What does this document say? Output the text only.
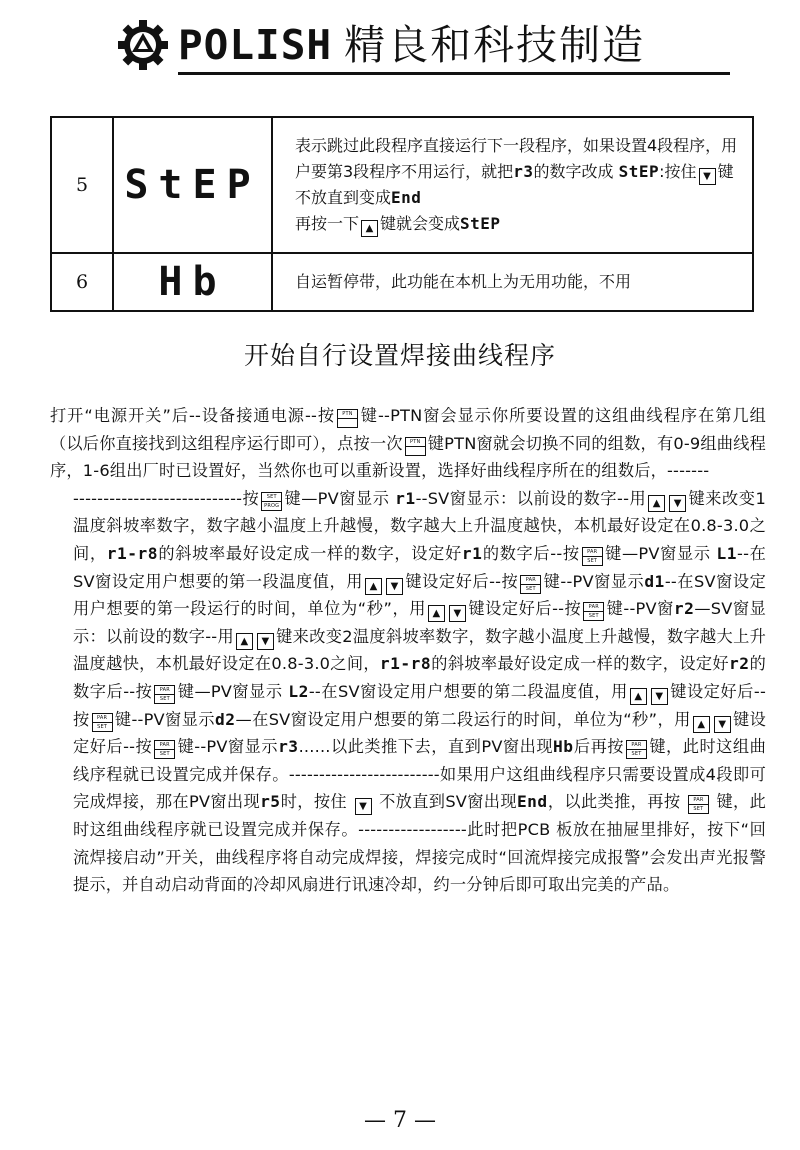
POLISH 精良和科技制造
5	StEP	表示跳过此段程序直接运行下一段程序，如果设置4段程序，用户要第3段程序不用运行，就把r3的数字改成 StEP:按住 ▼ 键不放直到变成End
再按一下 ▲ 键就会变成StEP
6	Hb	自运暂停带，此功能在本机上为无用功能，不用
开始自行设置焊接曲线程序

打开“电源开关”后--设备接通电源--按	PTN 键--PTN窗会显示你所要设置的这组曲线程序在第几组（以后你直接找到这组程序运行即可），点按一次	PTN 键PTN窗就会切换不同的组数，有0-9组曲线程序，1-6组出厂时已设置好，当然你也可以重新设置，选择好曲线程序所在的组数后，-------

----------------------------按	SET
PROG 键—PV窗显示 r1--SV窗显示：以前设的数字--用 ▲ ▼ 键来改变1温度斜坡率数字，数字越小温度上升越慢，数字越大上升温度越快，本机最好设定在0.8-3.0之间，r1-r8的斜坡率最好设定成一样的数字，设定好r1的数字后--按	PAR
SET 键—PV窗显示 L1--在SV窗设定用户想要的第一段温度值，用 ▲ ▼ 键设定好后--按	PAR
SET 键--PV窗显示d1--在SV窗设定用户想要的第一段运行的时间，单位为“秒”，用 ▲ ▼ 键设定好后--按	PAR
SET 键--PV窗r2—SV窗显示：以前设的数字--用 ▲ ▼ 键来改变2温度斜坡率数字，数字越小温度上升越慢，数字越大上升温度越快，本机最好设定在0.8-3.0之间，r1-r8的斜坡率最好设定成一样的数字，设定好r2的数字后--按	PAR
SET 键—PV窗显示 L2--在SV窗设定用户想要的第二段温度值，用 ▲ ▼ 键设定好后--按	PAR
SET 键--PV窗显示d2—在SV窗设定用户想要的第二段运行的时间，单位为“秒”，用 ▲ ▼ 键设定好后--按	PAR
SET 键--PV窗显示r3......以此类推下去，直到PV窗出现Hb后再按	PAR
SET 键，此时这组曲线序程就已设置完成并保存。-------------------------如果用户这组曲线程序只需要设置成4段即可完成焊接，那在PV窗出现r5时，按住 ▼ 不放直到SV窗出现End，以此类推，再按	PAR
SET 键，此时这组曲线程序就已设置完成并保存。------------------此时把PCB 板放在抽屉里排好，按下“回流焊接启动”开关，曲线程序将自动完成焊接，焊接完成时“回流焊接完成报警”会发出声光报警提示，并自动启动背面的冷却风扇进行讯速冷却，约一分钟后即可取出完美的产品。

— 7 —
